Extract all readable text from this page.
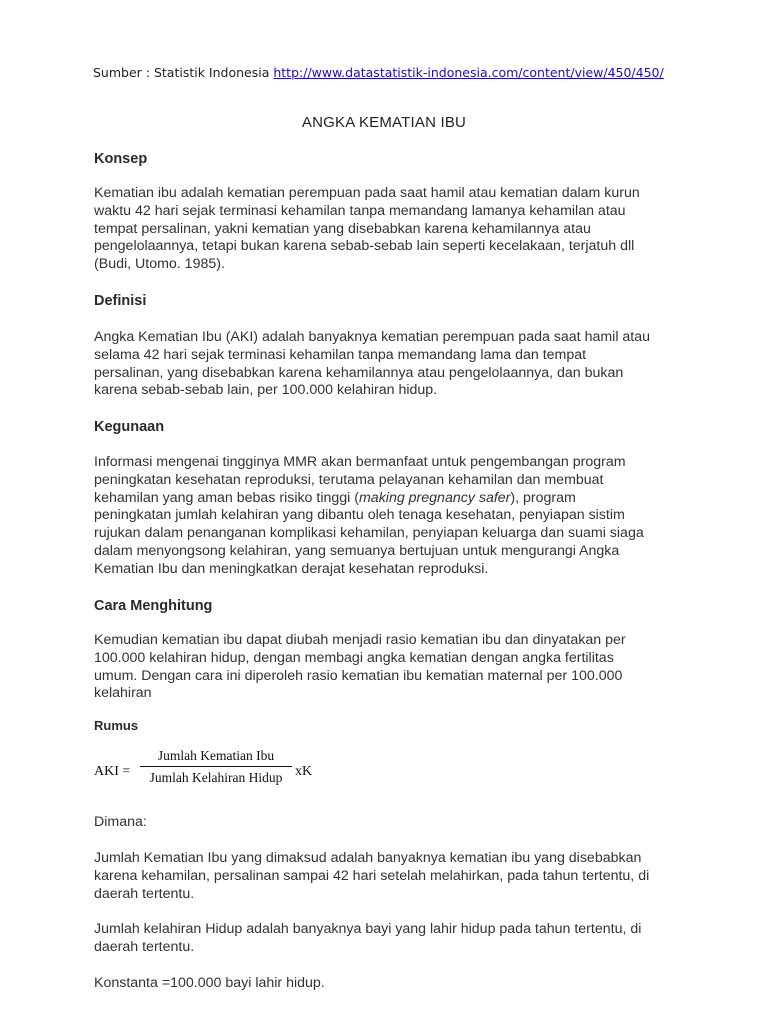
Sumber : Statistik Indonesia http://www.datastatistik-indonesia.com/content/view/450/450/
ANGKA KEMATIAN IBU
Konsep
Kematian ibu adalah kematian perempuan pada saat hamil atau kematian dalam kurun
waktu 42 hari sejak terminasi kehamilan tanpa memandang lamanya kehamilan atau
tempat persalinan, yakni kematian yang disebabkan karena kehamilannya atau
pengelolaannya, tetapi bukan karena sebab-sebab lain seperti kecelakaan, terjatuh dll
(Budi, Utomo. 1985).
Definisi
Angka Kematian Ibu (AKI) adalah banyaknya kematian perempuan pada saat hamil atau
selama 42 hari sejak terminasi kehamilan tanpa memandang lama dan tempat
persalinan, yang disebabkan karena kehamilannya atau pengelolaannya, dan bukan
karena sebab-sebab lain, per 100.000 kelahiran hidup.
Kegunaan
Informasi mengenai tingginya MMR akan bermanfaat untuk pengembangan program
peningkatan kesehatan reproduksi, terutama pelayanan kehamilan dan membuat
kehamilan yang aman bebas risiko tinggi (making pregnancy safer), program
peningkatan jumlah kelahiran yang dibantu oleh tenaga kesehatan, penyiapan sistim
rujukan dalam penanganan komplikasi kehamilan, penyiapan keluarga dan suami siaga
dalam menyongsong kelahiran, yang semuanya bertujuan untuk mengurangi Angka
Kematian Ibu dan meningkatkan derajat kesehatan reproduksi.
Cara Menghitung
Kemudian kematian ibu dapat diubah menjadi rasio kematian ibu dan dinyatakan per
100.000 kelahiran hidup, dengan membagi angka kematian dengan angka fertilitas
umum. Dengan cara ini diperoleh rasio kematian ibu kematian maternal per 100.000
kelahiran
Rumus
AKI =
Jumlah Kematian Ibu
Jumlah Kelahiran Hidup xK
Dimana:
Jumlah Kematian Ibu yang dimaksud adalah banyaknya kematian ibu yang disebabkan
karena kehamilan, persalinan sampai 42 hari setelah melahirkan, pada tahun tertentu, di
daerah tertentu.
Jumlah kelahiran Hidup adalah banyaknya bayi yang lahir hidup pada tahun tertentu, di
daerah tertentu.
Konstanta =100.000 bayi lahir hidup.
